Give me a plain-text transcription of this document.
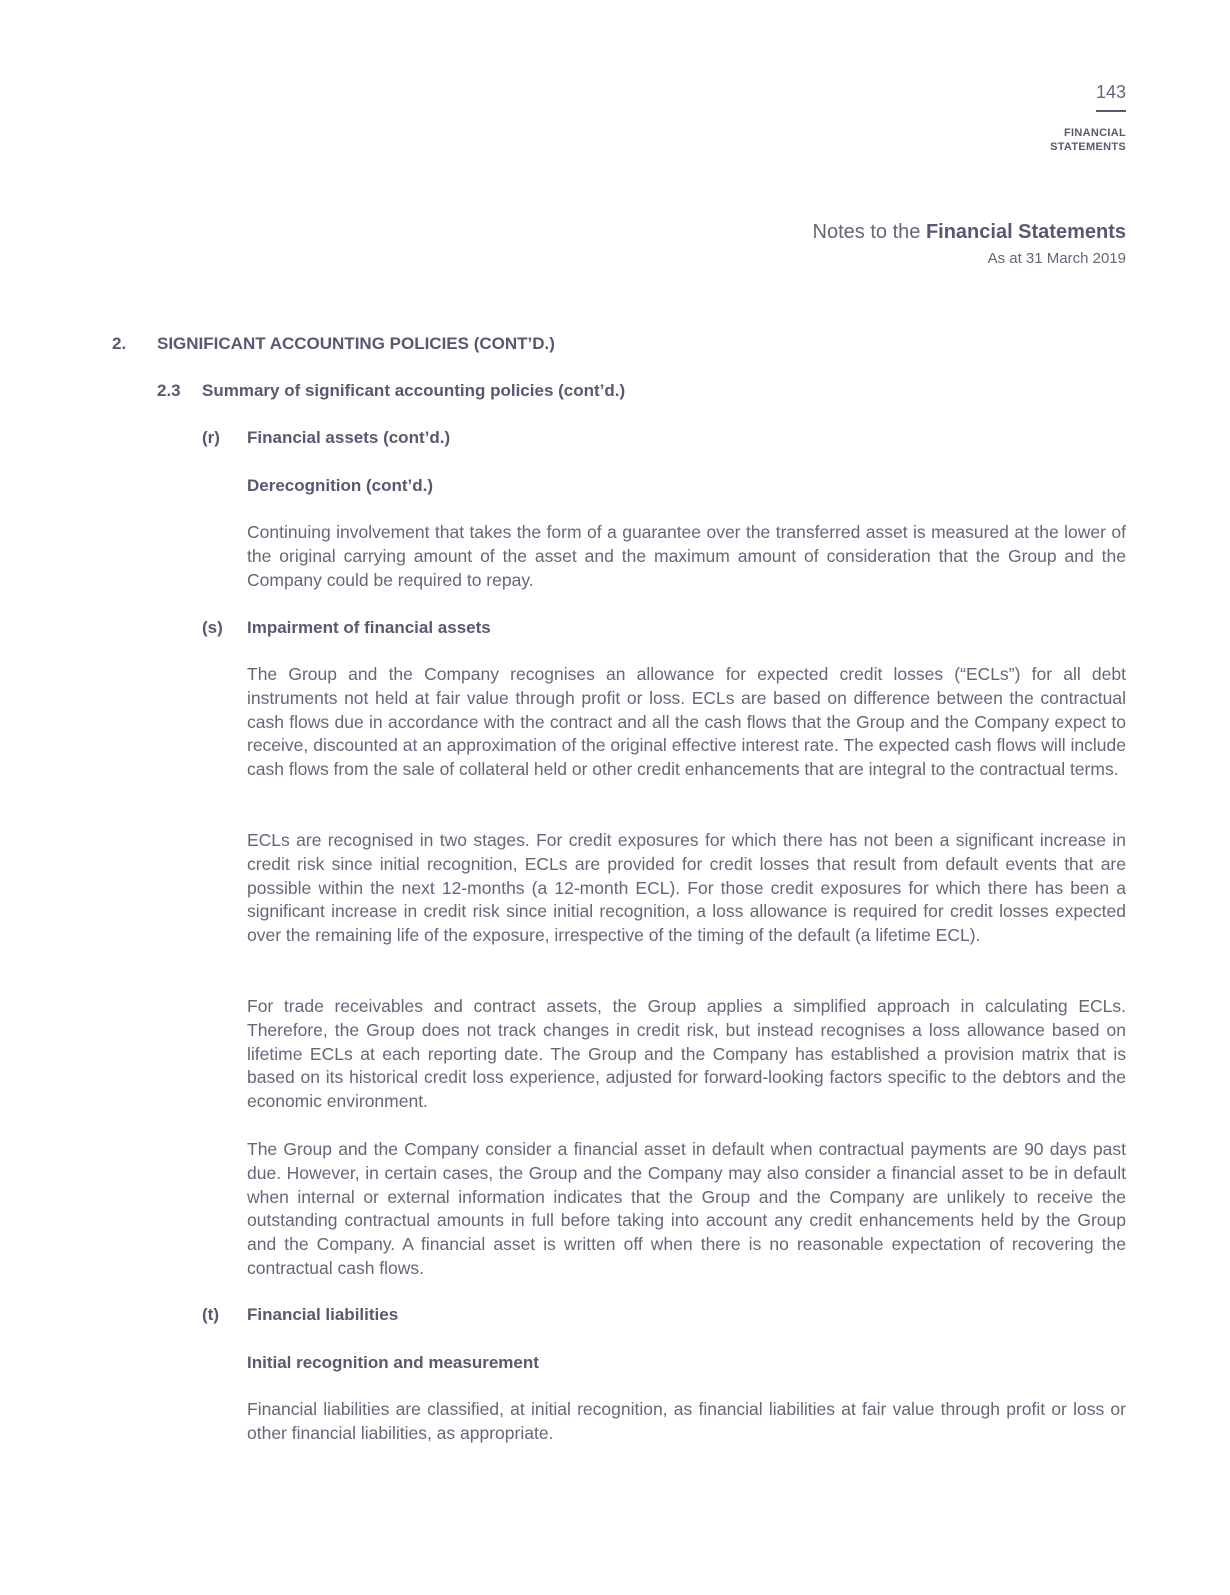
143
FINANCIAL
STATEMENTS
Notes to the Financial Statements
As at 31 March 2019
2.	SIGNIFICANT ACCOUNTING POLICIES (CONT’D.)
2.3	Summary of significant accounting policies (cont’d.)
(r)	Financial assets (cont’d.)
Derecognition (cont’d.)

Continuing involvement that takes the form of a guarantee over the transferred asset is measured at the lower of the original carrying amount of the asset and the maximum amount of consideration that the Group and the Company could be required to repay.

(s)	Impairment of financial assets

The Group and the Company recognises an allowance for expected credit losses (“ECLs”) for all debt instruments not held at fair value through profit or loss. ECLs are based on difference between the contractual cash flows due in accordance with the contract and all the cash flows that the Group and the Company expect to receive, discounted at an approximation of the original effective interest rate. The expected cash flows will include cash flows from the sale of collateral held or other credit enhancements that are integral to the contractual terms.

ECLs are recognised in two stages. For credit exposures for which there has not been a significant increase in credit risk since initial recognition, ECLs are provided for credit losses that result from default events that are possible within the next 12-months (a 12-month ECL). For those credit exposures for which there has been a significant increase in credit risk since initial recognition, a loss allowance is required for credit losses expected over the remaining life of the exposure, irrespective of the timing of the default (a lifetime ECL).

For trade receivables and contract assets, the Group applies a simplified approach in calculating ECLs. Therefore, the Group does not track changes in credit risk, but instead recognises a loss allowance based on lifetime ECLs at each reporting date. The Group and the Company has established a provision matrix that is based on its historical credit loss experience, adjusted for forward-looking factors specific to the debtors and the economic environment.

The Group and the Company consider a financial asset in default when contractual payments are 90 days past due. However, in certain cases, the Group and the Company may also consider a financial asset to be in default when internal or external information indicates that the Group and the Company are unlikely to receive the outstanding contractual amounts in full before taking into account any credit enhancements held by the Group and the Company. A financial asset is written off when there is no reasonable expectation of recovering the contractual cash flows.

(t)	Financial liabilities
Initial recognition and measurement

Financial liabilities are classified, at initial recognition, as financial liabilities at fair value through profit or loss or other financial liabilities, as appropriate.
